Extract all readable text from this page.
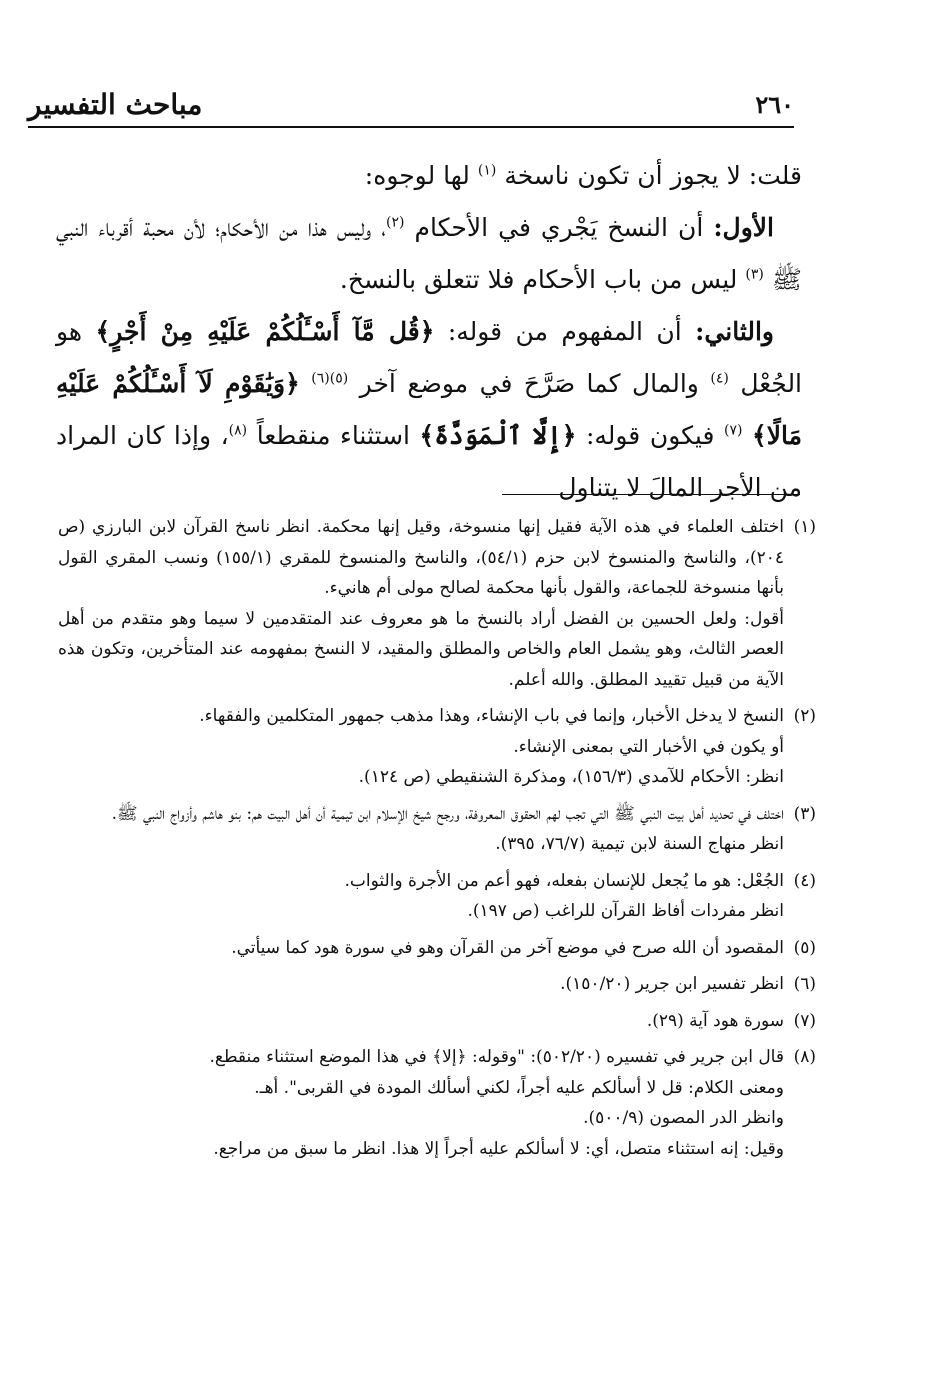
٢٦٠
مباحث التفسير

قلت: لا يجوز أن تكون ناسخة $^{(١)}$ لها لوجوه:

الأول: أن النسخ يَجْري في الأحكام $^{(٢)}$، وليس هذا من الأحكام؛ لأن محبة أقرباء النبي ﷺ $^{(٣)}$ ليس من باب الأحكام فلا تتعلق بالنسخ.

والثاني: أن المفهوم من قوله: ﴿قُل مَّآ أَسْـَٔلُكُمْ عَلَيْهِ مِنْ أَجْرٍ﴾ هو الجُعْل $^{(٤)}$ والمال كما صَرَّحَ في موضع آخر $^{(٥)(٦)}$ ﴿وَيَٰقَوْمِ لَآ أَسْـَٔلُكُمْ عَلَيْهِ مَالًا﴾ $^{(٧)}$ فيكون قوله: ﴿إِلَّا ٱلْمَوَدَّةَ﴾ استثناء منقطعاً $^{(٨)}$، وإذا كان المراد من الأجر المالَ لا يتناول

(١)اختلف العلماء في هذه الآية فقيل إنها منسوخة، وقيل إنها محكمة. انظر ناسخ القرآن لابن البارزي (ص ٢٠٤)، والناسخ والمنسوخ لابن حزم (٥٤/١)، والناسخ والمنسوخ للمقري (١٥٥/١) ونسب المقري القول بأنها منسوخة للجماعة، والقول بأنها محكمة لصالح مولى أم هانيء.

أقول: ولعل الحسين بن الفضل أراد بالنسخ ما هو معروف عند المتقدمين لا سيما وهو متقدم من أهل العصر الثالث، وهو يشمل العام والخاص والمطلق والمقيد، لا النسخ بمفهومه عند المتأخرين، وتكون هذه الآية من قبيل تقييد المطلق. والله أعلم.

(٢)النسخ لا يدخل الأخبار، وإنما في باب الإنشاء، وهذا مذهب جمهور المتكلمين والفقهاء.

أو يكون في الأخبار التي بمعنى الإنشاء.

انظر: الأحكام للآمدي (١٥٦/٣)، ومذكرة الشنقيطي (ص ١٢٤).

(٣)اختلف في تحديد أهل بيت النبي ﷺ التي تجب لهم الحقوق المعروفة، ورجح شيخ الإسلام ابن تيمية أن أهل البيت هم: بنو هاشم وأزواج النبي ﷺ.

انظر منهاج السنة لابن تيمية (٧٦/٧، ٣٩٥).

(٤)الجُعْل: هو ما يُجعل للإنسان بفعله، فهو أعم من الأجرة والثواب.

انظر مفردات أفاظ القرآن للراغب (ص ١٩٧).

(٥)المقصود أن الله صرح في موضع آخر من القرآن وهو في سورة هود كما سيأتي.

(٦)انظر تفسير ابن جرير (١٥٠/٢٠).

(٧)سورة هود آية (٢٩).

(٨)قال ابن جرير في تفسيره (٥٠٢/٢٠): "وقوله: ﴿إلا﴾ في هذا الموضع استثناء منقطع.

ومعنى الكلام: قل لا أسألكم عليه أجراً، لكني أسألك المودة في القربى". أهـ.

وانظر الدر المصون (٥٠٠/٩).

وقيل: إنه استثناء متصل، أي: لا أسألكم عليه أجراً إلا هذا. انظر ما سبق من مراجع.
